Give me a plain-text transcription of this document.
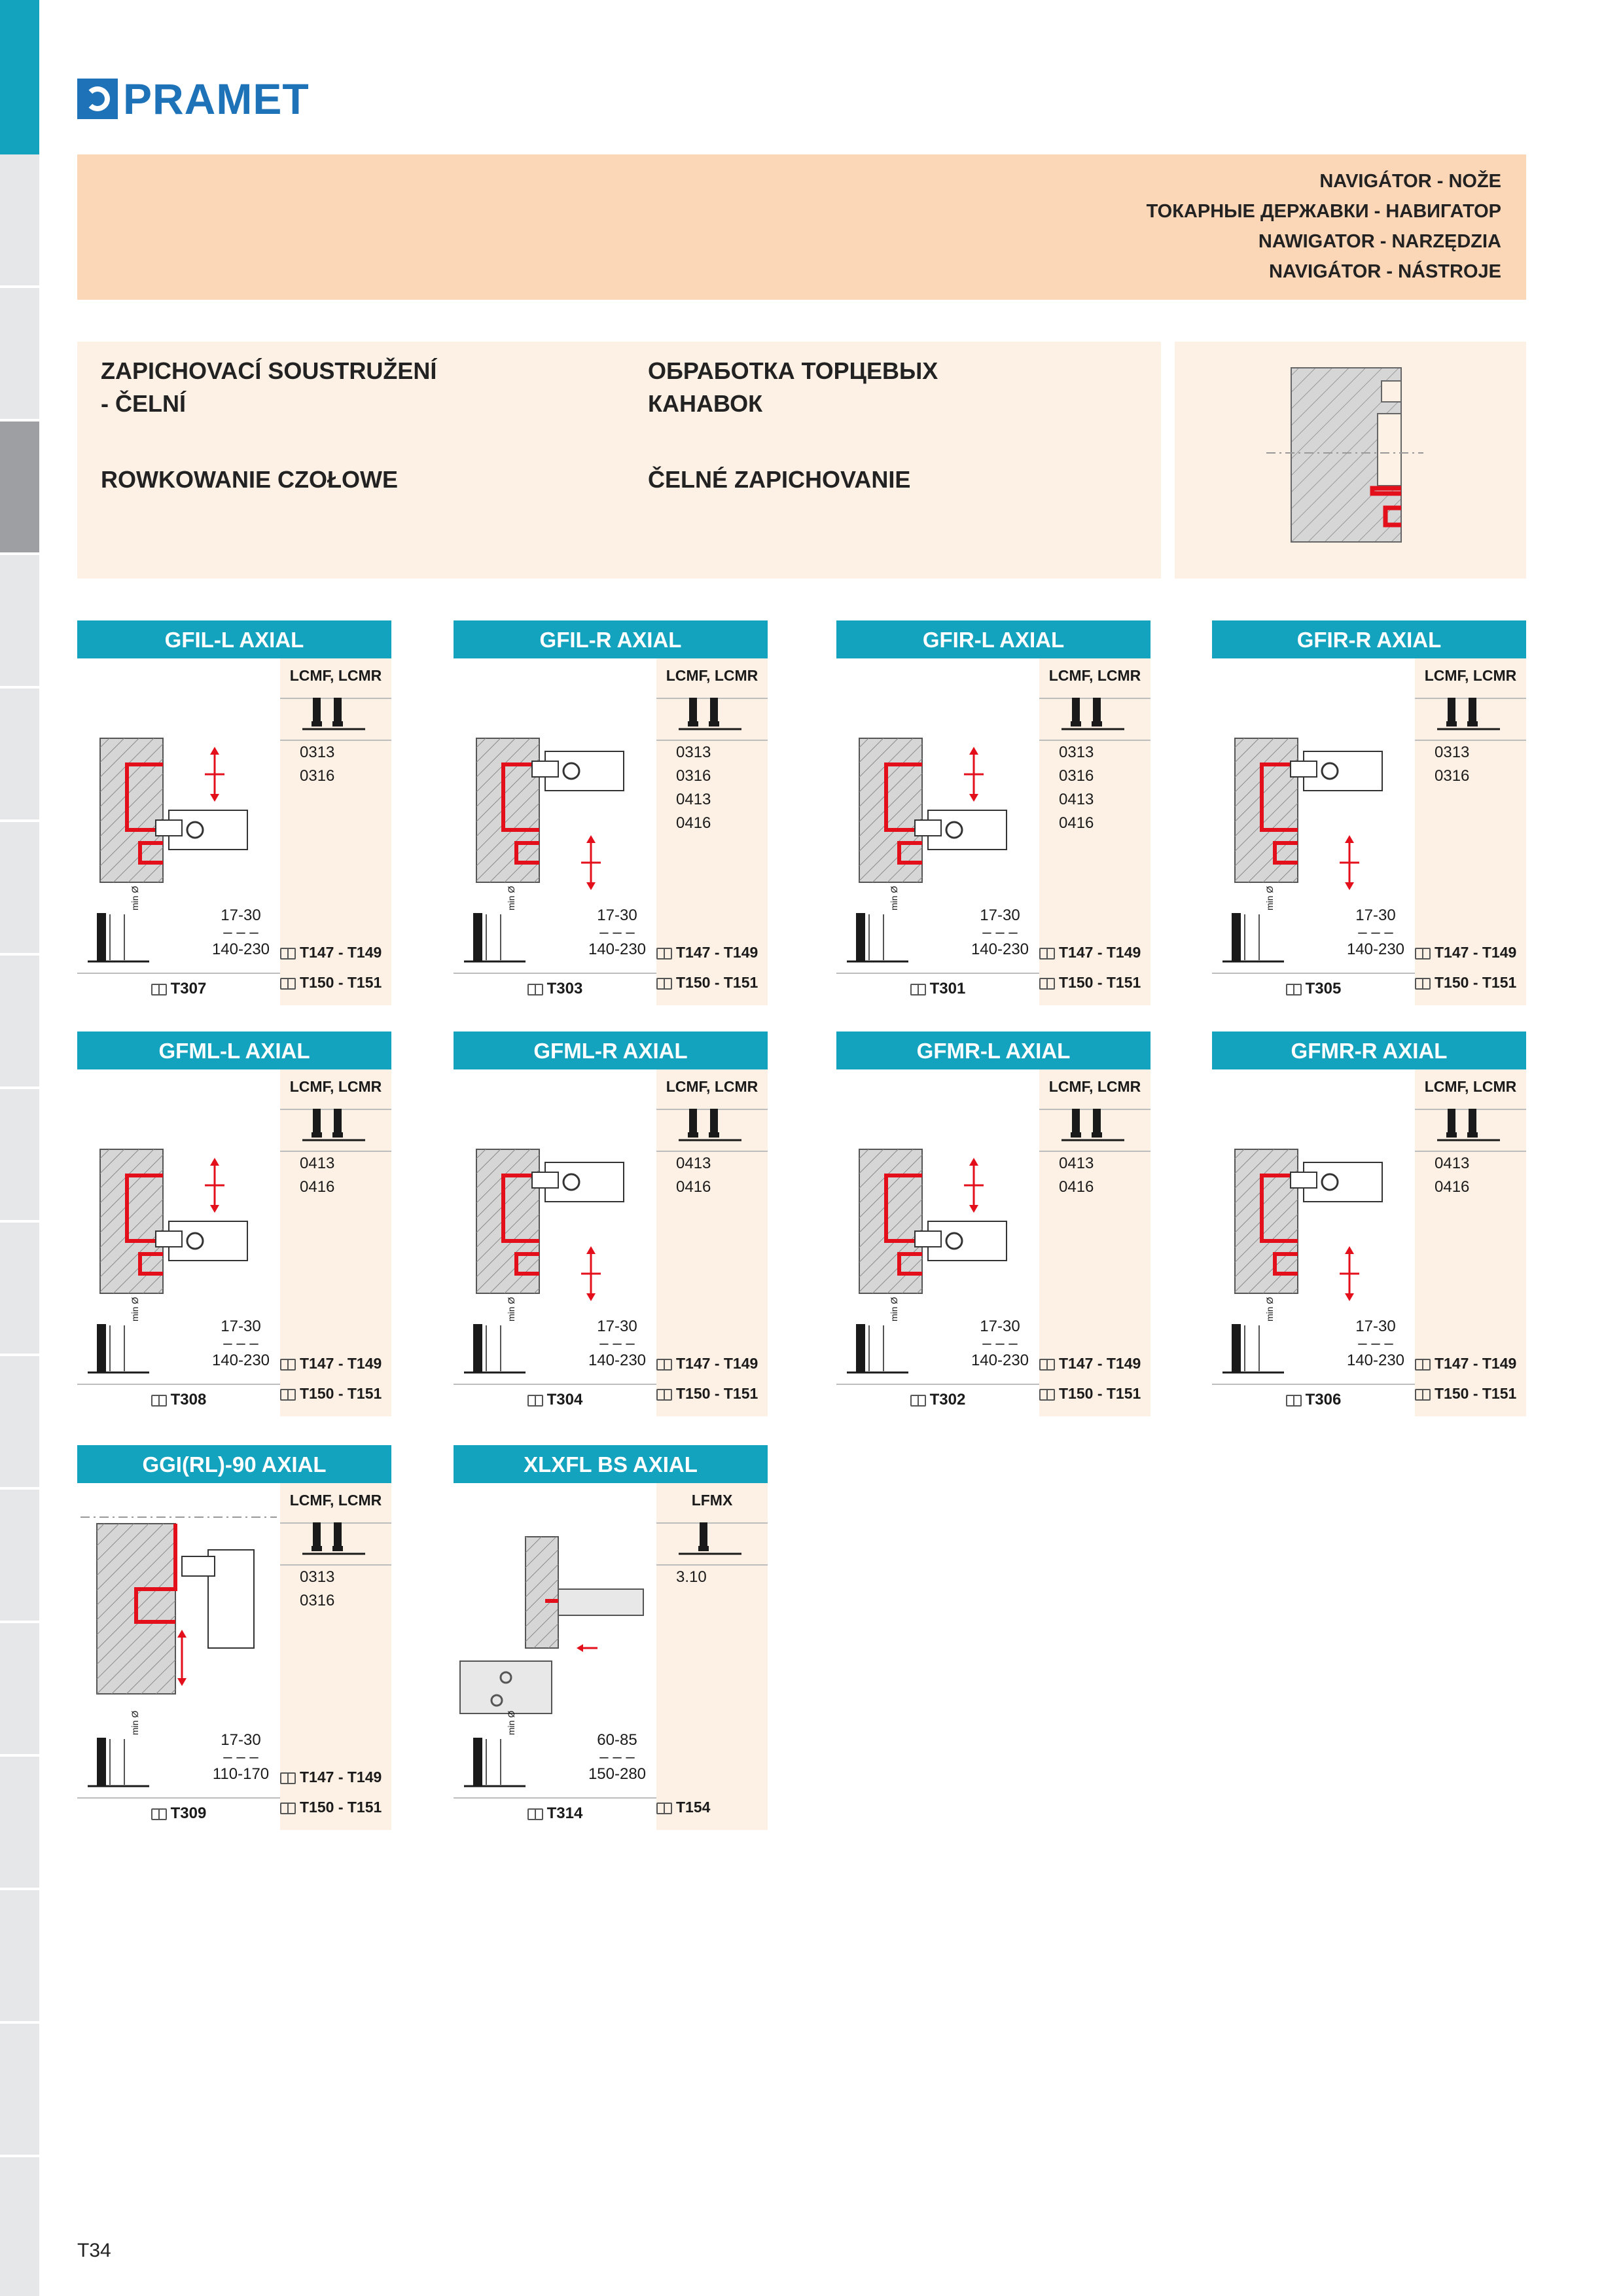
PRAMET
NAVIGÁTOR - NOŽE
ТОКАРНЫЕ ДЕРЖАВКИ - НАВИГАТОР
NAWIGATOR - NARZĘDZIA
NAVIGÁTOR - NÁSTROJE
ZAPICHOVACÍ SOUSTRUŽENÍ
- ČELNÍ
ОБРАБОТКА ТОРЦЕВЫХ
КАНАВОК
ROWKOWANIE CZOŁOWE	ČELNÉ ZAPICHOVANIE
GFIL-L AXIAL
LCMF, LCMR
0313
0316
min Ø
17-30
– – –
140-230	T147 - T149
T150 - T151
T307
GFIL-R AXIAL
LCMF, LCMR
0313
0316
0413
0416
min Ø
17-30
– – –
140-230	T147 - T149
T150 - T151
T303
GFIR-L AXIAL
LCMF, LCMR
0313
0316
0413
0416
min Ø
17-30
– – –
140-230	T147 - T149
T150 - T151
T301
GFIR-R AXIAL
LCMF, LCMR
0313
0316
min Ø
17-30
– – –
140-230	T147 - T149
T150 - T151
T305
GFML-L AXIAL
LCMF, LCMR
0413
0416
min Ø
17-30
– – –
140-230	T147 - T149
T150 - T151
T308
GFML-R AXIAL
LCMF, LCMR
0413
0416
min Ø
17-30
– – –
140-230	T147 - T149
T150 - T151
T304
GFMR-L AXIAL
LCMF, LCMR
0413
0416
min Ø
17-30
– – –
140-230	T147 - T149
T150 - T151
T302
GFMR-R AXIAL
LCMF, LCMR
0413
0416
min Ø
17-30
– – –
140-230	T147 - T149
T150 - T151
T306
GGI(RL)-90 AXIAL
LCMF, LCMR
0313
0316
min Ø
17-30
– – –
110-170	T147 - T149
T150 - T151
T309
XLXFL BS AXIAL
LFMX
3.10
min Ø
60-85
– – –
150-280
T154
T314
T34
